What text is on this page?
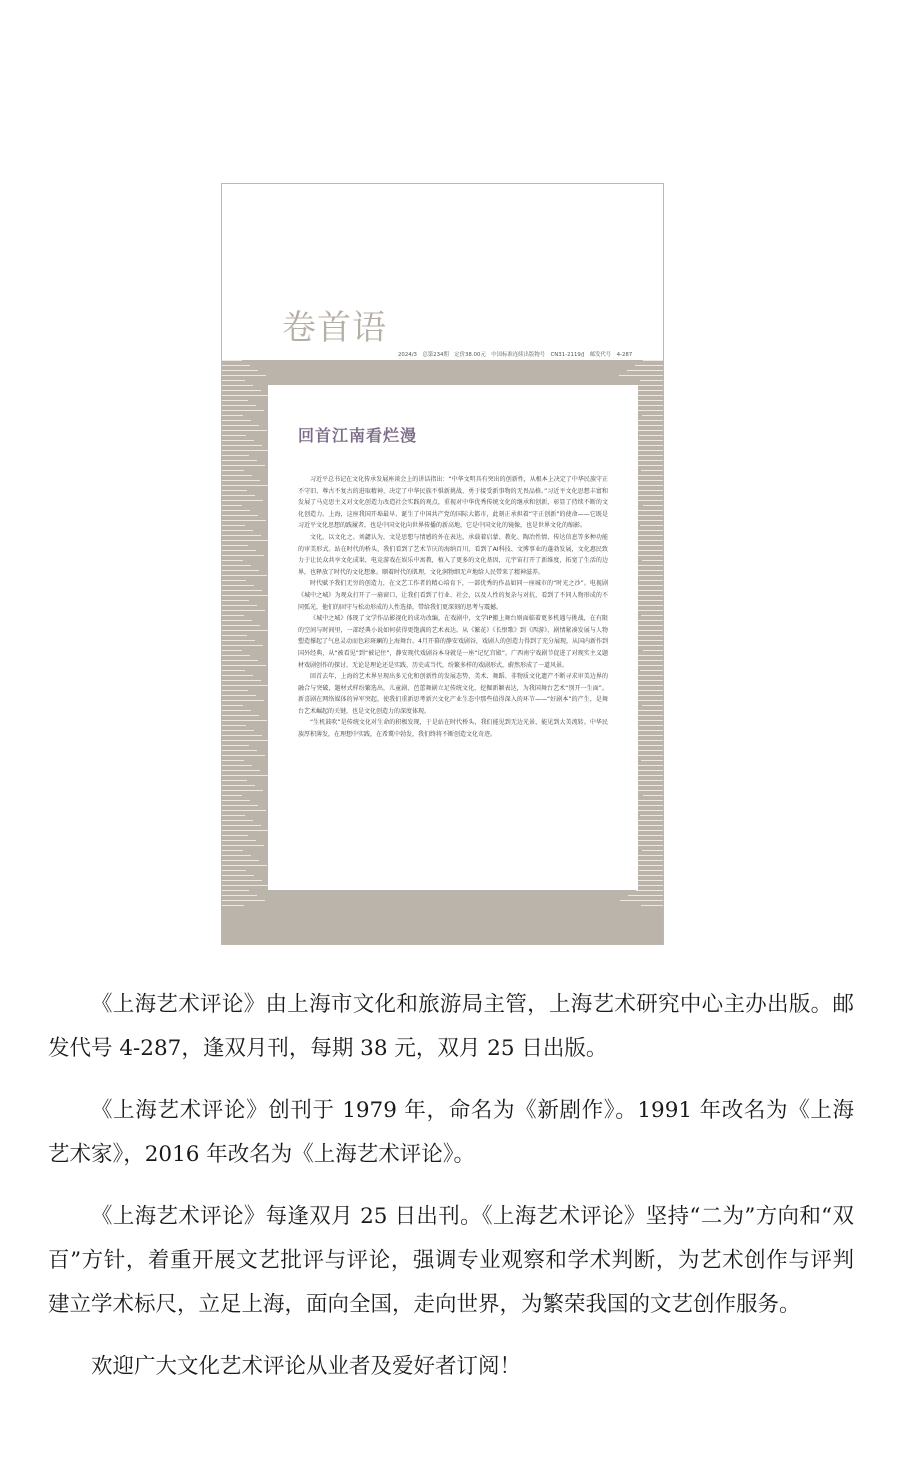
卷首语
2024/3　总第234期　定价38.00元　中国标准连续出版物号　CN31-2119/J　邮发代号　4-287
回首江南看烂漫

习近平总书记在文化传承发展座谈会上的讲话指出：“中华文明具有突出的创新性，从根本上决定了中华民族守正不守旧、尊古不复古的进取精神，决定了中华民族不惧新挑战、勇于接受新事物的无畏品格。”习近平文化思想丰富和发展了马克思主义对文化创造力改造社会实践的观点，重视对中华优秀传统文化的继承和创新，彰显了持续不断的文化创造力。上海，这座我国开埠最早、诞生了中国共产党的国际大都市，此刻正承担着“守正创新”的使命——它既是习近平文化思想的践履者，也是中国文化向世界传播的新高地，它是中国文化的镜像，也是世界文化的缩影。

文化，以文化之。刘勰认为，文是思想与情感的外在表达，承载着启蒙、教化、陶冶性情、传达信息等多种功能的审美形式。站在时代的桥头，我们看到了艺术节庆的海纳百川，看到了AI科技、文博事业的蓬勃发展，文化惠民致力于让民众共享文化成果，电竞游戏在娱乐中寓教，植入了更多的文化基因，元宇宙打开了新维度，拓宽了生活的边界，也释放了时代的文化想象。顺着时代的肌理，文化润物细无声地给人民带来了精神滋养。

时代赋予我们无穷的创造力，在文艺工作者的精心培育下，一部优秀的作品如同一座城市的“时光之沙”。电视剧《城中之城》为观众打开了一扇窗口，让我们看到了行业、社会，以及人性的复杂与对抗，看到了不同人物形成的不同弧光，他们的固守与松动形成的人性选择，带给我们更深刻的思考与震撼。

《城中之城》体现了文学作品影视化的成功改编，在戏剧中，文学IP搬上舞台则面临着更多机遇与挑战，在有限的空间与时间里，一部经典小说如何获得更饱满的艺术表达。从《繁花》《长恨歌》到《西游》，剧情紧凑发展与人物塑造撑起了气息灵动而色彩斑斓的上海舞台。4月开幕的静安戏剧谷，戏剧人的创造力得到了充分展现，从国内新作到国外经典，从“被看见”到“被记住”，静安现代戏剧谷本身就是一座“记忆宫殿”。广西南宁戏剧节促进了对现实主义题材戏剧创作的探讨，无论是理论还是实践、历史或当代，纷繁多样的戏剧形式，蔚然形成了一道风景。

回首去年，上海的艺术界呈现出多元化和创新性的发展态势，美术、舞蹈、非物质文化遗产不断寻求审美边界的融合与突破，题材式样纷繁选出，儿童剧、芭蕾舞剧立足传统文化，挖掘新颖表达，为我国舞台艺术“别开一生面”。新喜剧在网络媒体的异军突起，使我们重新思考新兴文化产业生态中那些值得深入的环节——“好剧本”的产生，是舞台艺术崛起的关键，也是文化创造力的深度体现。

“生机鼓吹”是传统文化对生命的积极发现，于是站在时代桥头，我们能见到无边光景，能见到大美流转。中华民族厚积薄发，在理想中实践，在希冀中勃发，我们终将不断创造文化奇迹。

《上海艺术评论》由上海市文化和旅游局主管，上海艺术研究中心主办出版。邮发代号 4-287，逢双月刊，每期 38 元，双月 25 日出版。

《上海艺术评论》创刊于 1979 年，命名为《新剧作》。1991 年改名为《上海艺术家》，2016 年改名为《上海艺术评论》。

《上海艺术评论》每逢双月 25 日出刊。《上海艺术评论》坚持“二为”方向和“双百”方针，着重开展文艺批评与评论，强调专业观察和学术判断，为艺术创作与评判建立学术标尺，立足上海，面向全国，走向世界，为繁荣我国的文艺创作服务。

欢迎广大文化艺术评论从业者及爱好者订阅！
